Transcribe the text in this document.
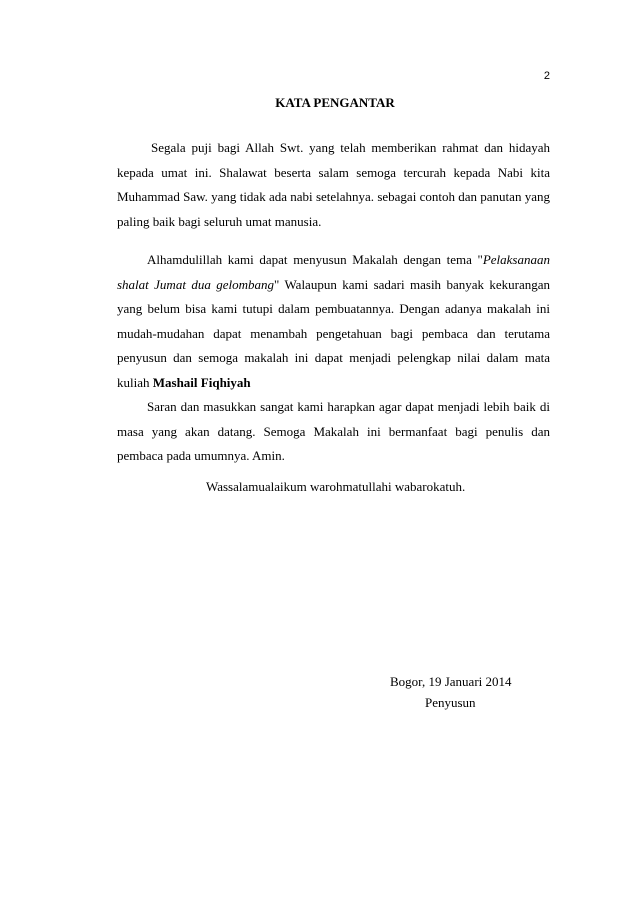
2
KATA PENGANTAR

Segala puji bagi Allah Swt. yang telah memberikan rahmat dan hidayah kepada umat ini. Shalawat beserta salam semoga tercurah kepada Nabi kita Muhammad Saw. yang tidak ada nabi setelahnya. sebagai contoh dan panutan yang paling baik bagi seluruh umat manusia.

Alhamdulillah kami dapat menyusun Makalah dengan tema "Pelaksanaan shalat Jumat dua gelombang" Walaupun kami sadari masih banyak kekurangan yang belum bisa kami tutupi dalam pembuatannya. Dengan adanya makalah ini mudah-mudahan dapat menambah pengetahuan bagi pembaca dan terutama penyusun dan semoga makalah ini dapat menjadi pelengkap nilai dalam mata kuliah Mashail Fiqhiyah

Saran dan masukkan sangat kami harapkan agar dapat menjadi lebih baik di masa yang akan datang. Semoga Makalah ini bermanfaat bagi penulis dan pembaca pada umumnya. Amin.

Wassalamualaikum warohmatullahi wabarokatuh.
Bogor, 19 Januari 2014
Penyusun
